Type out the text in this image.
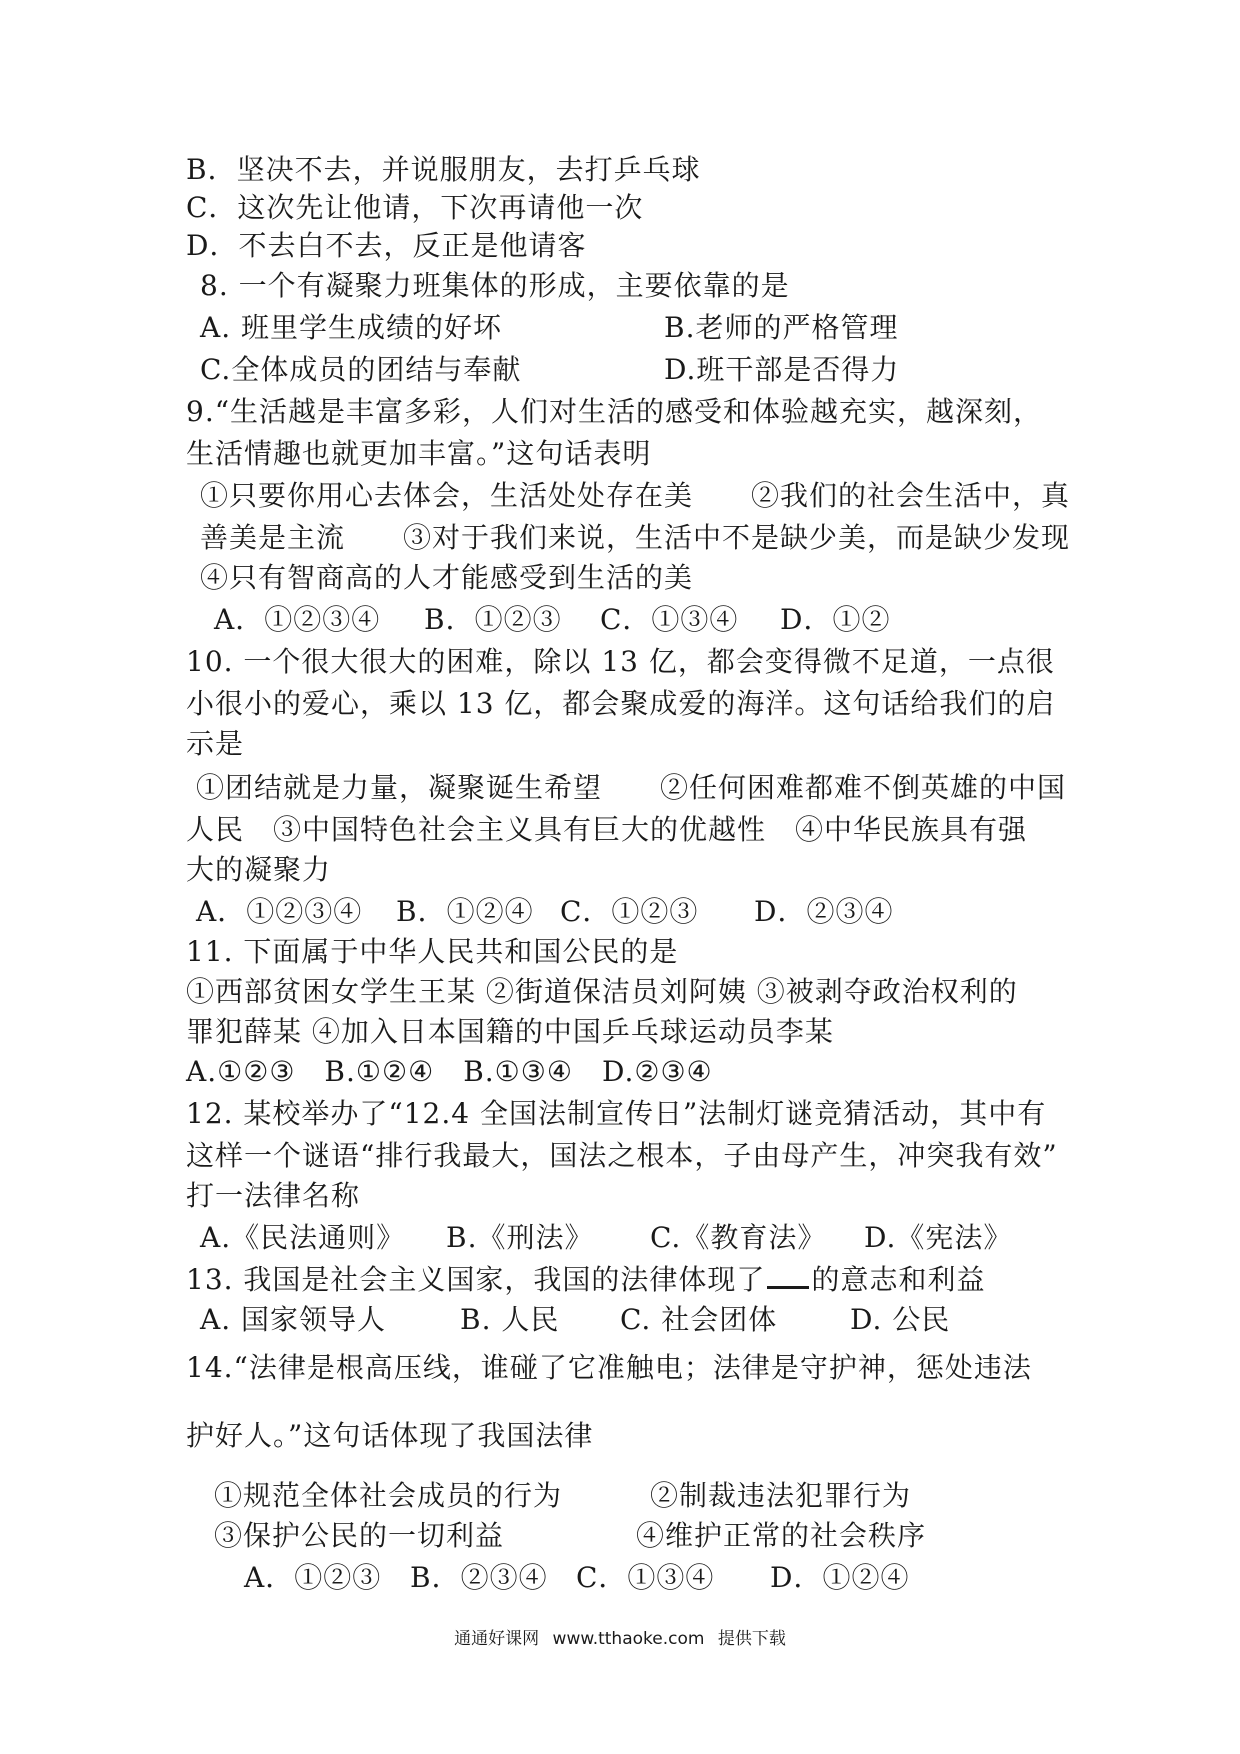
B．坚决不去，并说服朋友，去打乒乓球
C．这次先让他请，下次再请他一次
D．不去白不去，反正是他请客
8. 一个有凝聚力班集体的形成，主要依靠的是
A. 班里学生成绩的好坏	B.老师的严格管理
C.全体成员的团结与奉献	D.班干部是否得力
9.“生活越是丰富多彩，人们对生活的感受和体验越充实，越深刻，
生活情趣也就更加丰富。”这句话表明
①只要你用心去体会，生活处处存在美　　②我们的社会生活中，真
善美是主流　　③对于我们来说，生活中不是缺少美，而是缺少发现
④只有智商高的人才能感受到生活的美
A．①②③④ B．①②③ C．①③④ D．①②
10. 一个很大很大的困难，除以 13 亿，都会变得微不足道，一点很
小很小的爱心，乘以 13 亿，都会聚成爱的海洋。这句话给我们的启
示是
①团结就是力量，凝聚诞生希望　　②任何困难都难不倒英雄的中国
人民　③中国特色社会主义具有巨大的优越性　④中华民族具有强
大的凝聚力
A．①②③④ B．①②④ C．①②③ D．②③④
11. 下面属于中华人民共和国公民的是
①西部贫困女学生王某 ②街道保洁员刘阿姨 ③被剥夺政治权利的
罪犯薛某 ④加入日本国籍的中国乒乓球运动员李某
A.①②③　B.①②④　B.①③④　D.②③④
12. 某校举办了“12.4 全国法制宣传日”法制灯谜竞猜活动，其中有
这样一个谜语“排行我最大，国法之根本，子由母产生，冲突我有效”
打一法律名称
A.《民法通则》 B.《刑法》 C.《教育法》 D.《宪法》
13. 我国是社会主义国家，我国的法律体现了 的意志和利益
A. 国家领导人	B. 人民 C. 社会团体	D. 公民
14.“法律是根高压线，谁碰了它准触电；法律是守护神，惩处违法
护好人。”这句话体现了我国法律
①规范全体社会成员的行为	②制裁违法犯罪行为
③保护公民的一切利益	④维护正常的社会秩序
A．①②③ B．②③④ C．①③④ D．①②④
通通好课网 www.tthaoke.com 提供下载
